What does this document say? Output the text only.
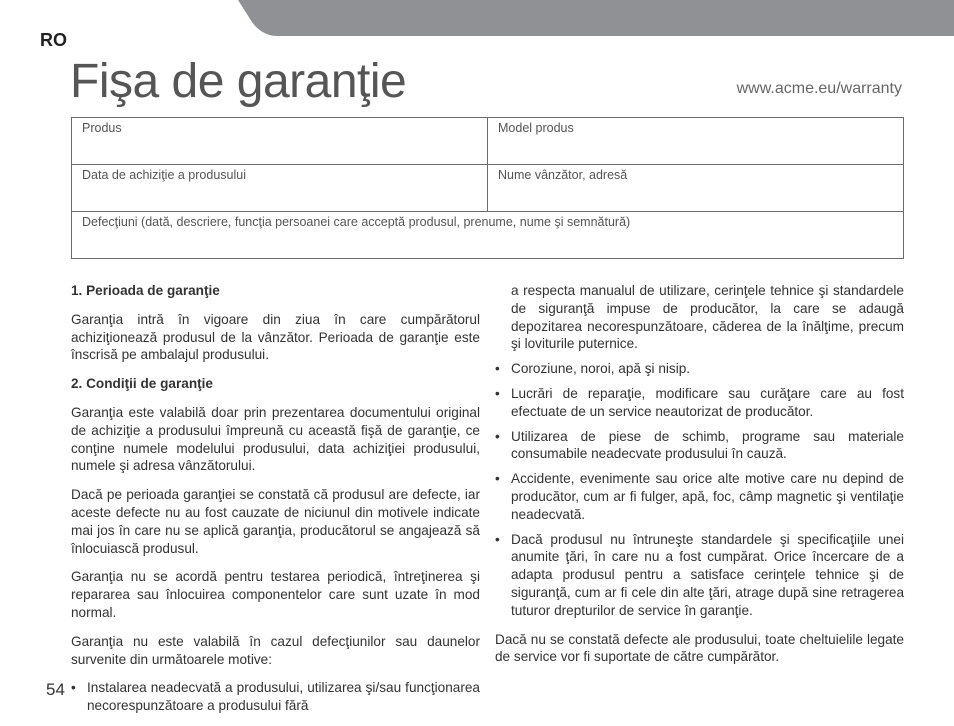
RO
Fişa de garanţie	www.acme.eu/warranty
Produs	Model produs
Data de achiziţie a produsului	Nume vânzător, adresă
Defecţiuni (dată, descriere, funcţia persoanei care acceptă produsul, prenume, nume şi semnătură)	
1. Perioada de garanţie

Garanţia intră în vigoare din ziua în care cumpărătorul achiziţionează produsul de la vânzător. Perioada de garanţie este înscrisă pe ambalajul produsului.

2. Condiţii de garanţie

Garanţia este valabilă doar prin prezentarea documentului original de achiziţie a produsului împreună cu această fişă de garanţie, ce conţine numele modelului produsului, data achiziţiei produsului, numele şi adresa vânzătorului.

Dacă pe perioada garanţiei se constată că produsul are defecte, iar aceste defecte nu au fost cauzate de niciunul din motivele indicate mai jos în care nu se aplică garanţia, producătorul se angajează să înlocuiască produsul.

Garanţia nu se acordă pentru testarea periodică, întreţinerea şi repararea sau înlocuirea componentelor care sunt uzate în mod normal.

Garanţia nu este valabilă în cazul defecţiunilor sau daunelor survenite din următoarele motive:

• Instalarea neadecvată a produsului, utilizarea şi/sau funcţionarea necorespunzătoare a produsului fără
a respecta manualul de utilizare, cerinţele tehnice şi standardele de siguranţă impuse de producător, la care se adaugă depozitarea necorespunzătoare, căderea de la înălţime, precum şi loviturile puternice.
• Coroziune, noroi, apă şi nisip.
• Lucrări de reparaţie, modificare sau curăţare care au fost efectuate de un service neautorizat de producător.
• Utilizarea de piese de schimb, programe sau materiale consumabile neadecvate produsului în cauză.
• Accidente, evenimente sau orice alte motive care nu depind de producător, cum ar fi fulger, apă, foc, câmp magnetic şi ventilaţie neadecvată.
• Dacă produsul nu întruneşte standardele şi specificaţiile unei anumite ţări, în care nu a fost cumpărat. Orice încercare de a adapta produsul pentru a satisface cerinţele tehnice şi de siguranţă, cum ar fi cele din alte ţări, atrage după sine retragerea tuturor drepturilor de service în garanţie.

Dacă nu se constată defecte ale produsului, toate cheltuielile legate de service vor fi suportate de către cumpărător.

54
